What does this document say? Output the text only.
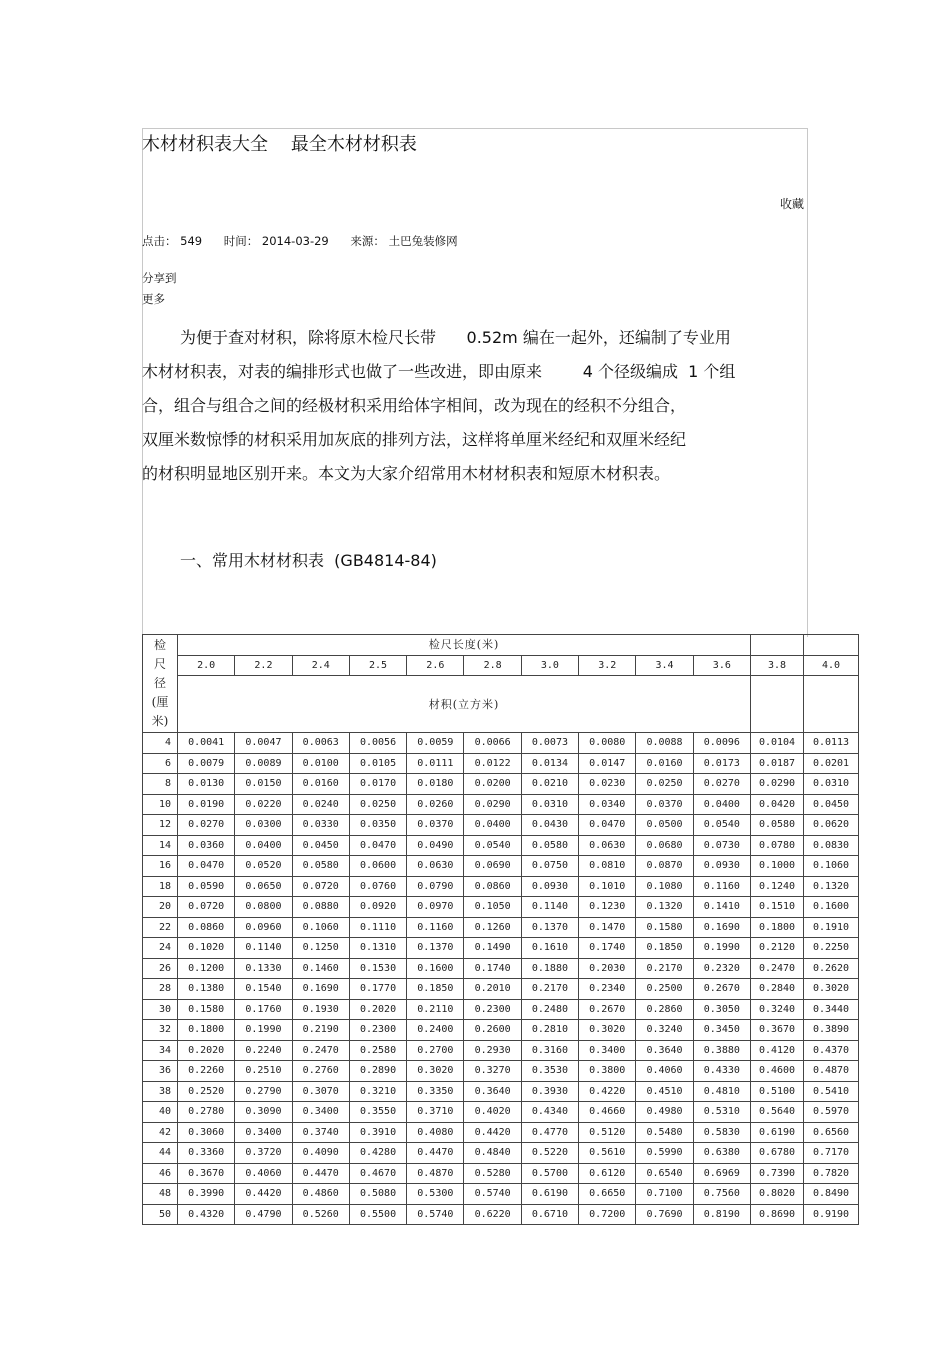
木材材积表大全    最全木材材积表
收藏
点击： 549 时间： 2014-03-29 来源： 土巴兔装修网
分享到
更多
为便于查对材积，除将原木检尺长带      0.52m 编在一起外，还编制了专业用
木材材积表，对表的编排形式也做了一些改进，即由原来        4 个径级编成  1 个组
合，组合与组合之间的经极材积采用给体字相间，改为现在的经积不分组合，
双厘米数惊悸的材积采用加灰底的排列方法，这样将单厘米经纪和双厘米经纪
的材积明显地区别开来。本文为大家介绍常用木材材积表和短原木材积表。
一、常用木材材积表  (GB4814-84)
检
尺
径
(厘
米)	检尺长度(米)											
	2.0	2.2	2.4	2.5	2.6	2.8	3.0	3.2	3.4	3.6	3.8	4.0
	材积(立方米)											
4	0.0041	0.0047	0.0063	0.0056	0.0059	0.0066	0.0073	0.0080	0.0088	0.0096	0.0104	0.0113
6	0.0079	0.0089	0.0100	0.0105	0.0111	0.0122	0.0134	0.0147	0.0160	0.0173	0.0187	0.0201
8	0.0130	0.0150	0.0160	0.0170	0.0180	0.0200	0.0210	0.0230	0.0250	0.0270	0.0290	0.0310
10	0.0190	0.0220	0.0240	0.0250	0.0260	0.0290	0.0310	0.0340	0.0370	0.0400	0.0420	0.0450
12	0.0270	0.0300	0.0330	0.0350	0.0370	0.0400	0.0430	0.0470	0.0500	0.0540	0.0580	0.0620
14	0.0360	0.0400	0.0450	0.0470	0.0490	0.0540	0.0580	0.0630	0.0680	0.0730	0.0780	0.0830
16	0.0470	0.0520	0.0580	0.0600	0.0630	0.0690	0.0750	0.0810	0.0870	0.0930	0.1000	0.1060
18	0.0590	0.0650	0.0720	0.0760	0.0790	0.0860	0.0930	0.1010	0.1080	0.1160	0.1240	0.1320
20	0.0720	0.0800	0.0880	0.0920	0.0970	0.1050	0.1140	0.1230	0.1320	0.1410	0.1510	0.1600
22	0.0860	0.0960	0.1060	0.1110	0.1160	0.1260	0.1370	0.1470	0.1580	0.1690	0.1800	0.1910
24	0.1020	0.1140	0.1250	0.1310	0.1370	0.1490	0.1610	0.1740	0.1850	0.1990	0.2120	0.2250
26	0.1200	0.1330	0.1460	0.1530	0.1600	0.1740	0.1880	0.2030	0.2170	0.2320	0.2470	0.2620
28	0.1380	0.1540	0.1690	0.1770	0.1850	0.2010	0.2170	0.2340	0.2500	0.2670	0.2840	0.3020
30	0.1580	0.1760	0.1930	0.2020	0.2110	0.2300	0.2480	0.2670	0.2860	0.3050	0.3240	0.3440
32	0.1800	0.1990	0.2190	0.2300	0.2400	0.2600	0.2810	0.3020	0.3240	0.3450	0.3670	0.3890
34	0.2020	0.2240	0.2470	0.2580	0.2700	0.2930	0.3160	0.3400	0.3640	0.3880	0.4120	0.4370
36	0.2260	0.2510	0.2760	0.2890	0.3020	0.3270	0.3530	0.3800	0.4060	0.4330	0.4600	0.4870
38	0.2520	0.2790	0.3070	0.3210	0.3350	0.3640	0.3930	0.4220	0.4510	0.4810	0.5100	0.5410
40	0.2780	0.3090	0.3400	0.3550	0.3710	0.4020	0.4340	0.4660	0.4980	0.5310	0.5640	0.5970
42	0.3060	0.3400	0.3740	0.3910	0.4080	0.4420	0.4770	0.5120	0.5480	0.5830	0.6190	0.6560
44	0.3360	0.3720	0.4090	0.4280	0.4470	0.4840	0.5220	0.5610	0.5990	0.6380	0.6780	0.7170
46	0.3670	0.4060	0.4470	0.4670	0.4870	0.5280	0.5700	0.6120	0.6540	0.6969	0.7390	0.7820
48	0.3990	0.4420	0.4860	0.5080	0.5300	0.5740	0.6190	0.6650	0.7100	0.7560	0.8020	0.8490
50	0.4320	0.4790	0.5260	0.5500	0.5740	0.6220	0.6710	0.7200	0.7690	0.8190	0.8690	0.9190
